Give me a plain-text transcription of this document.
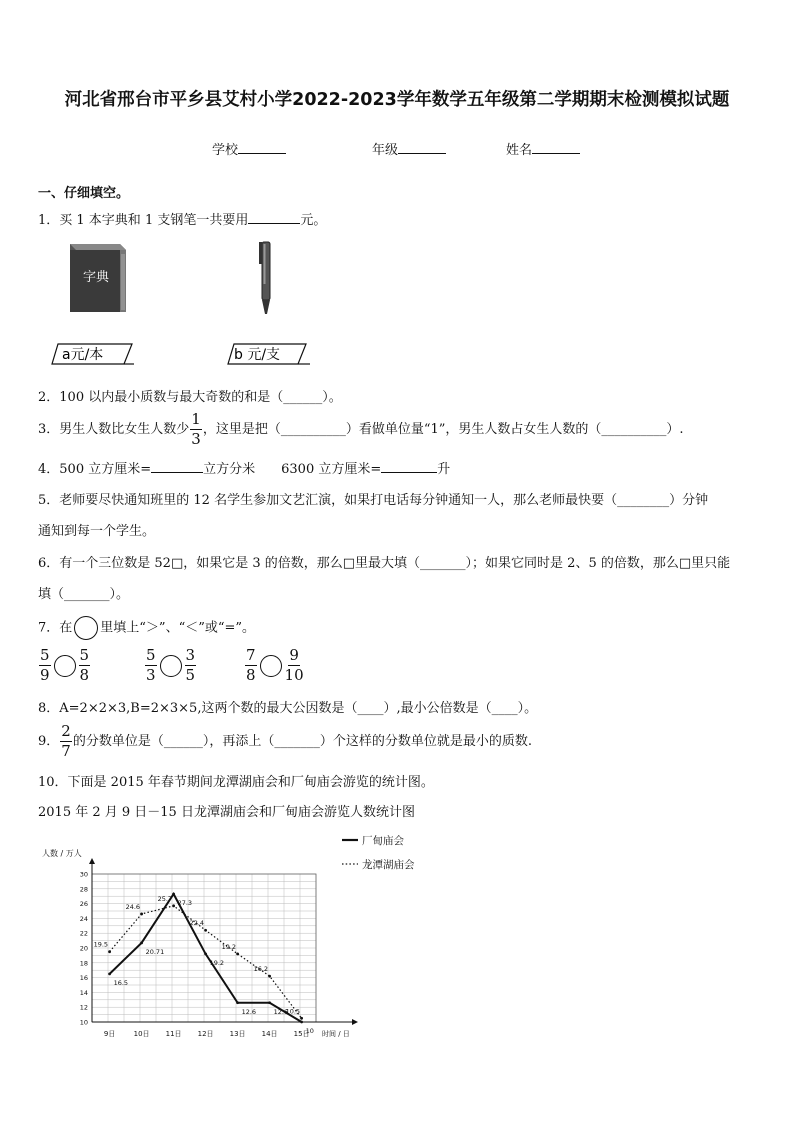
河北省邢台市平乡县艾村小学2022-2023学年数学五年级第二学期期末检测模拟试题
学校	年级	姓名
一、仔细填空。
1．买 1 本字典和 1 支钢笔一共要用	元。
字典
a元/本	b 元/支
2．100 以内最小质数与最大奇数的和是（______）。
3．男生人数比女生人数少 $\frac{1}{3}$ ，这里是把（__________）看做单位量“1”，男生人数占女生人数的（__________）.
4．500 立方厘米=	立方分米 6300 立方厘米=	升
5．老师要尽快通知班里的 12 名学生参加文艺汇演，如果打电话每分钟通知一人，那么老师最快要（________）分钟
通知到每一个学生。
6．有一个三位数是 52□，如果它是 3 的倍数，那么□里最大填（_______）；如果它同时是 2、5 的倍数，那么□里只能
填（_______）。
7．在 里填上“＞”、“＜”或“=”。
$\frac{5}{9} \frac{5}{8}$	$\frac{5}{3} \frac{3}{5}$	$\frac{7}{8} \frac{9}{10}$
8．A=2×2×3,B=2×3×5,这两个数的最大公因数是（____）,最小公倍数是（____）。
9． $\frac{2}{7}$ 的分数单位是（______），再添上（_______）个这样的分数单位就是最小的质数.
10．下面是 2015 年春节期间龙潭湖庙会和厂甸庙会游览的统计图。
2015 年 2 月 9 日－15 日龙潭湖庙会和厂甸庙会游览人数统计图
10
12
14
16
18
20
22
24
26
28
30
9日	10日 11日 12日 13日 14日 15日
人数 / 万人
时间 / 日
16.5
20.71
27.3
19.2
12.6	12.6
10
19.5
24.6
25.7
22.4
19.2
16.2
10.5
厂甸庙会
龙潭湖庙会
